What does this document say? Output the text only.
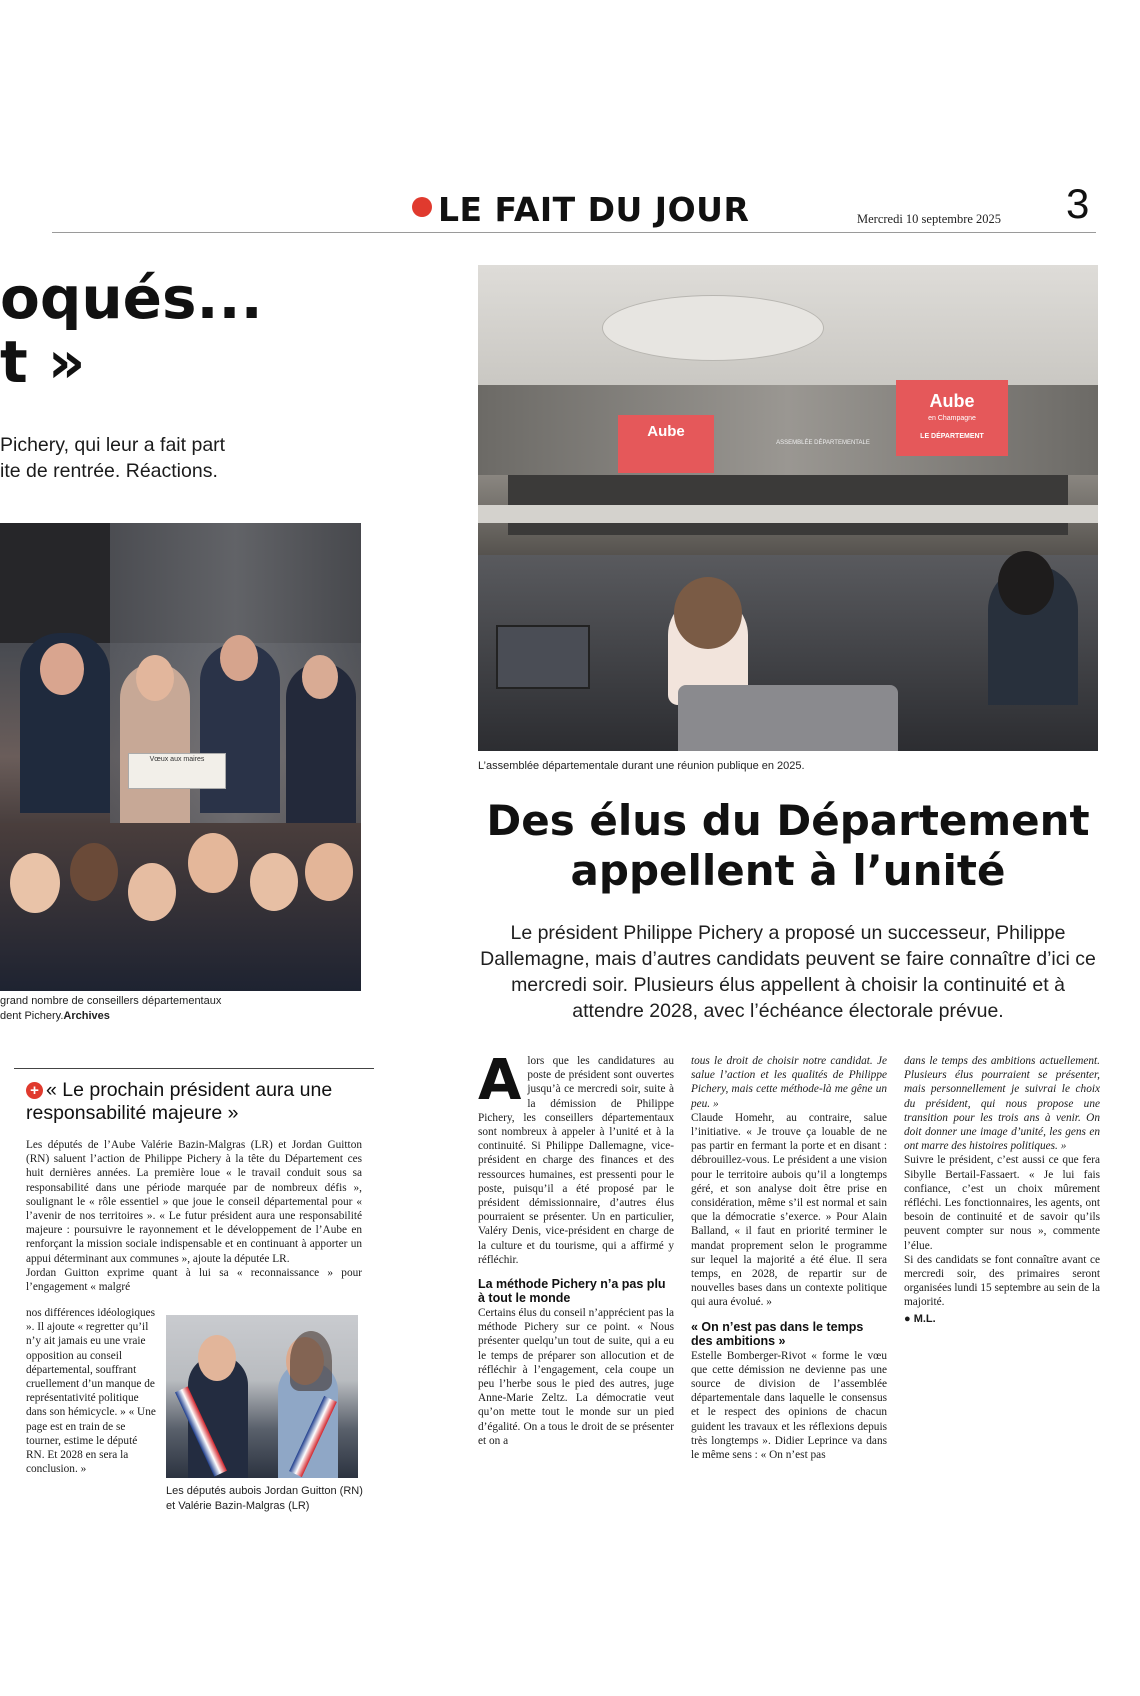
LE FAIT DU JOUR	Mercredi 10 septembre 2025 3
oqués...
t »
Pichery, qui leur a fait part
ite de rentrée. Réactions.
Vœux aux maires
grand nombre de conseillers départementaux
dent Pichery.Archives
+ « Le prochain président aura une responsabilité majeure »
Les députés de l’Aube Valérie Bazin-Malgras (LR) et Jordan Guitton (RN) saluent l’action de Philippe Pichery à la tête du Département ces huit dernières années. La première loue « le travail conduit sous sa responsabilité dans une période marquée par de nombreux défis », soulignant le « rôle essentiel » que joue le conseil départemental pour « l’avenir de nos territoires ». « Le futur président aura une responsabilité majeure : poursuivre le rayonnement et le développement de l’Aube en renforçant la mission sociale indispensable et en continuant à apporter un appui déterminant aux communes », ajoute la députée LR.
Jordan Guitton exprime quant à lui sa « reconnaissance » pour l’engagement « malgré
nos différences idéologiques ». Il ajoute « regretter qu’il n’y ait jamais eu une vraie opposition au conseil départemental, souffrant cruellement d’un manque de représentativité politique dans son hémicycle. » « Une page est en train de se tourner, estime le député RN. Et 2028 en sera la conclusion. »
Les députés aubois Jordan Guitton (RN) et Valérie Bazin-Malgras (LR)
Aube
Aube
en Champagne
LE DÉPARTEMENT
ASSEMBLÉE DÉPARTEMENTALE
L’assemblée départementale durant une réunion publique en 2025.
Des élus du Département appellent à l’unité
Le président Philippe Pichery a proposé un successeur, Philippe Dallemagne, mais d’autres candidats peuvent se faire connaître d’ici ce mercredi soir. Plusieurs élus appellent à choisir la continuité et à attendre 2028, avec l’échéance électorale prévue.
A lors que les candidatures au poste de président sont ouvertes jusqu’à ce mercredi soir, suite à la démission de Philippe Pichery, les conseillers départementaux sont nombreux à appeler à l’unité et à la continuité. Si Philippe Dallemagne, vice-président en charge des finances et des ressources humaines, est pressenti pour le poste, puisqu’il a été proposé par le président démissionnaire, d’autres élus pourraient se présenter. Un en particulier, Valéry Denis, vice-président en charge de la culture et du tourisme, qui a affirmé y réfléchir.
La méthode Pichery n’a pas plu à tout le monde
Certains élus du conseil n’apprécient pas la méthode Pichery sur ce point. « Nous présenter quelqu’un tout de suite, qui a eu le temps de préparer son allocution et de réfléchir à l’engagement, cela coupe un peu l’herbe sous le pied des autres, juge Anne-Marie Zeltz. La démocratie veut qu’on mette tout le monde sur un pied d’égalité. On a tous le droit de se présenter et on a
tous le droit de choisir notre candidat. Je salue l’action et les qualités de Philippe Pichery, mais cette méthode-là me gêne un peu. »
Claude Homehr, au contraire, salue l’initiative. « Je trouve ça louable de ne pas partir en fermant la porte et en disant : débrouillez-vous. Le président a une vision pour le territoire aubois qu’il a longtemps géré, et son analyse doit être prise en considération, même s’il est normal et sain que la démocratie s’exerce. » Pour Alain Balland, « il faut en priorité terminer le mandat proprement selon le programme sur lequel la majorité a été élue. Il sera temps, en 2028, de repartir sur de nouvelles bases dans un contexte politique qui aura évolué. »
« On n’est pas dans le temps des ambitions »
Estelle Bomberger-Rivot « forme le vœu que cette démission ne devienne pas une source de division de l’assemblée départementale dans laquelle le consensus et le respect des opinions de chacun guident les travaux et les réflexions depuis très longtemps ». Didier Leprince va dans le même sens : « On n’est pas
dans le temps des ambitions actuellement. Plusieurs élus pourraient se présenter, mais personnellement je suivrai le choix du président, qui nous propose une transition pour les trois ans à venir. On doit donner une image d’unité, les gens en ont marre des histoires politiques. »
Suivre le président, c’est aussi ce que fera Sibylle Bertail-Fassaert. « Je lui fais confiance, c’est un choix mûrement réfléchi. Les fonctionnaires, les agents, ont besoin de continuité et de savoir qu’ils peuvent compter sur nous », commente l’élue.
Si des candidats se font connaître avant ce mercredi soir, des primaires seront organisées lundi 15 septembre au sein de la majorité.
● M.L.
